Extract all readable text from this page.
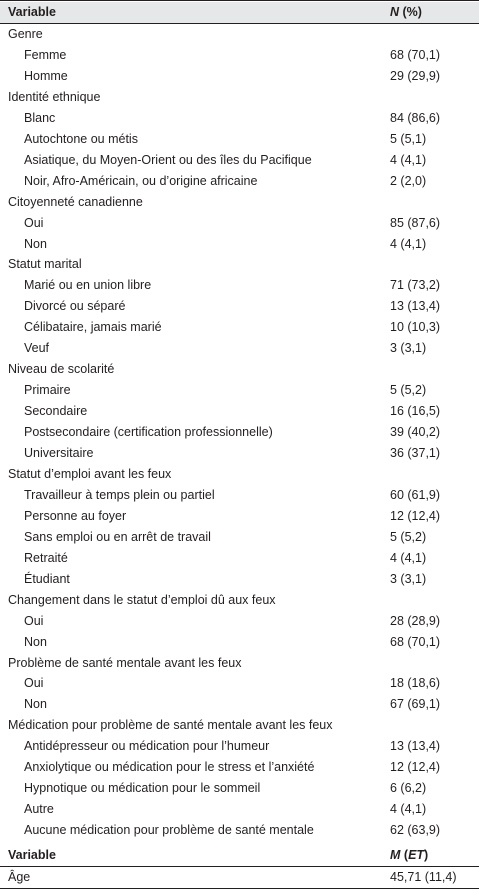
Variable	N (%)
Genre
Femme	68 (70,1)
Homme	29 (29,9)
Identité ethnique
Blanc	84 (86,6)
Autochtone ou métis	5 (5,1)
Asiatique, du Moyen-Orient ou des îles du Pacifique	4 (4,1)
Noir, Afro-Américain, ou d’origine africaine	2 (2,0)
Citoyenneté canadienne
Oui	85 (87,6)
Non	4 (4,1)
Statut marital
Marié ou en union libre	71 (73,2)
Divorcé ou séparé	13 (13,4)
Célibataire, jamais marié	10 (10,3)
Veuf	3 (3,1)
Niveau de scolarité
Primaire	5 (5,2)
Secondaire	16 (16,5)
Postsecondaire (certification professionnelle)	39 (40,2)
Universitaire	36 (37,1)
Statut d’emploi avant les feux
Travailleur à temps plein ou partiel	60 (61,9)
Personne au foyer	12 (12,4)
Sans emploi ou en arrêt de travail	5 (5,2)
Retraité	4 (4,1)
Étudiant	3 (3,1)
Changement dans le statut d’emploi dû aux feux
Oui	28 (28,9)
Non	68 (70,1)
Problème de santé mentale avant les feux
Oui	18 (18,6)
Non	67 (69,1)
Médication pour problème de santé mentale avant les feux
Antidépresseur ou médication pour l’humeur	13 (13,4)
Anxiolytique ou médication pour le stress et l’anxiété	12 (12,4)
Hypnotique ou médication pour le sommeil	6 (6,2)
Autre	4 (4,1)
Aucune médication pour problème de santé mentale	62 (63,9)
Variable	M (ET)
Âge	45,71 (11,4)
